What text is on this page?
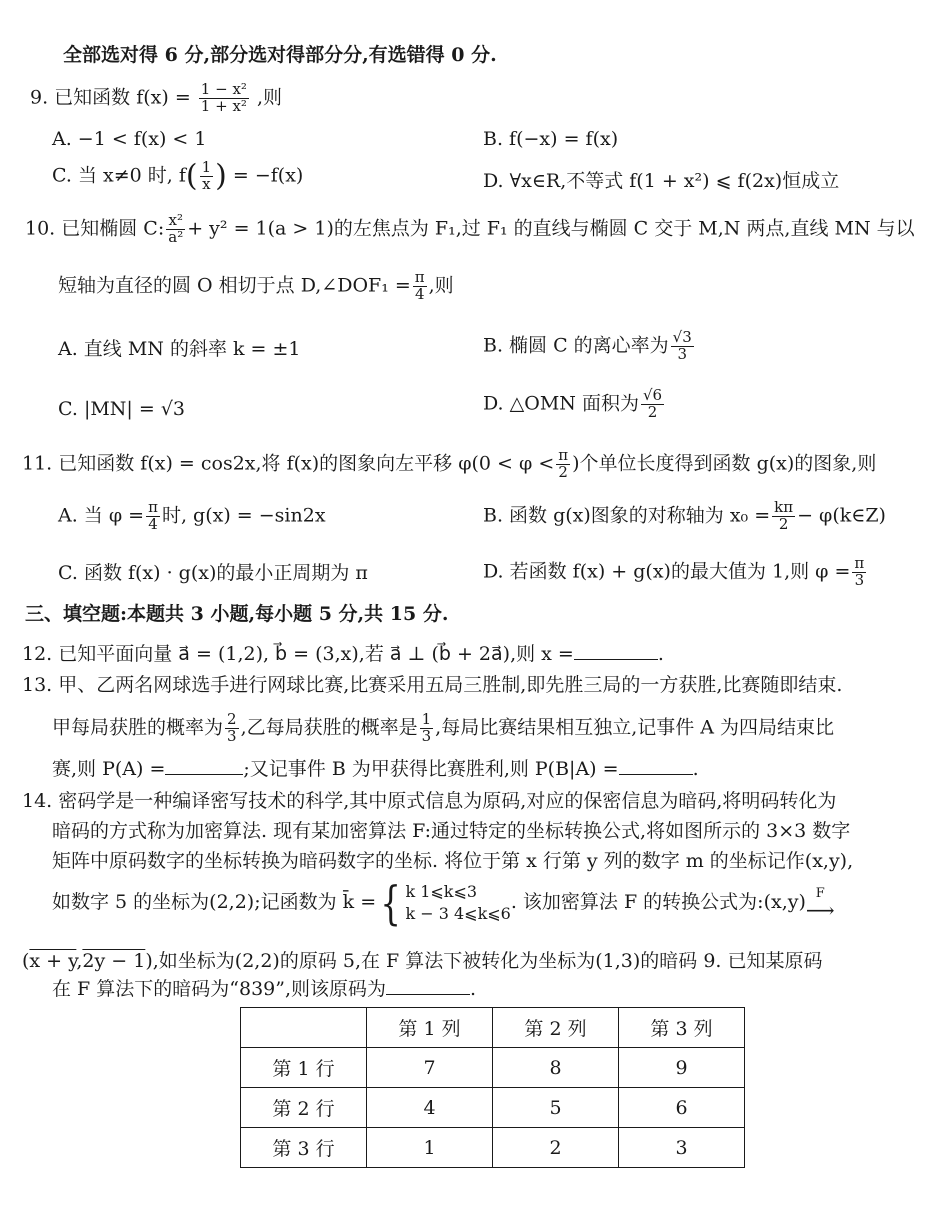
全部选对得 6 分,部分选对得部分分,有选错得 0 分.
9. 已知函数 $f(x) = \frac{\text{1 − x²}}{\text{1 + x²}}$ ,则
A. −1 < f(x) < 1	B. f(−x) = f(x)
C. 当 x≠0 时, $f( \frac{1}{x}$ ) = −f(x)	D. ∀x∈R,不等式 f(1 + x²) ⩽ f(2x)恒成立
10. 已知椭圆 C: $\frac{\text{x²}}{\text{a²}} + y^2 = 1(a > 1)$的左焦点为 F₁,过 F₁ 的直线与椭圆 C 交于 M,N 两点,直线 MN 与以
短轴为直径的圆 O 相切于点 D,∠DOF₁ = $\frac{\pi}{4}$ ,则
A. 直线 MN 的斜率 k = ±1	B. 椭圆 C 的离心率为 $\frac{√3}{3}$
C. |MN| = √3	D. △OMN 面积为 $\frac{√6}{2}$
11. 已知函数 f(x) = cos2x,将 f(x)的图象向左平移 $\varphi(0 < \varphi < \frac{\pi}{2}$ )个单位长度得到函数 g(x)的图象,则
A. 当 $\varphi = \frac{\pi}{4}$ 时, g(x) = −sin2x	B. 函数 g(x)图象的对称轴为 $x_0 = \frac{k\pi}{2}$ − φ(k∈Z)
C. 函数 f(x) · g(x)的最小正周期为 π	D. 若函数 f(x) + g(x)的最大值为 1,则 $\varphi = \frac{\pi}{3}$
三、填空题:本题共 3 小题,每小题 5 分,共 15 分.
12. 已知平面向量 a⃗ = (1,2), b⃗ = (3,x),若 a⃗ ⊥ (b⃗ + 2a⃗),则 x =	.
13. 甲、乙两名网球选手进行网球比赛,比赛采用五局三胜制,即先胜三局的一方获胜,比赛随即结束.
甲每局获胜的概率为 $\frac{2}{3}$ ,乙每局获胜的概率是 $\frac{1}{3}$ ,每局比赛结果相互独立,记事件 A 为四局结束比
赛,则 P(A) =	;又记事件 B 为甲获得比赛胜利,则 P(B|A) =	.
14. 密码学是一种编译密写技术的科学,其中原式信息为原码,对应的保密信息为暗码,将明码转化为
暗码的方式称为加密算法. 现有某加密算法 F:通过特定的坐标转换公式,将如图所示的 3×3 数字
矩阵中原码数字的坐标转换为暗码数字的坐标. 将位于第 x 行第 y 列的数字 m 的坐标记作(x,y),
如数字 5 的坐标为(2,2);记函数为 k̄ ={ k 1⩽k⩽3
k − 3 4⩽k⩽6
. 该加密算法 F 的转换公式为:(x,y) F
⟶
(x + y,2y − 1),如坐标为(2,2)的原码 5,在 F 算法下被转化为坐标为(1,3)的暗码 9. 已知某原码
在 F 算法下的暗码为“839”,则该原码为	.
	第 1 列	第 2 列	第 3 列
第 1 行	7	8	9
第 2 行	4	5	6
第 3 行	1	2	3
